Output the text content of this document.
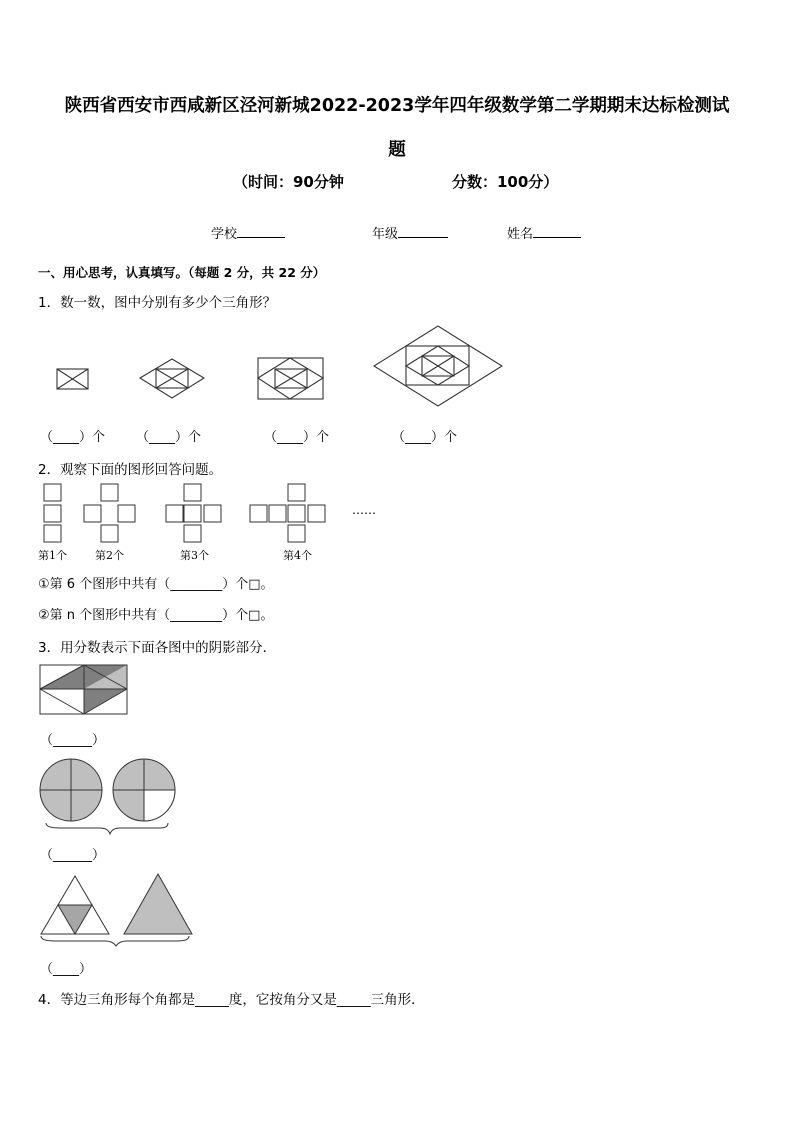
陕西省西安市西咸新区泾河新城2022-2023学年四年级数学第二学期期末达标检测试
题
（时间：90分钟	分数：100分）
学校	年级	姓名
一、用心思考，认真填写。（每题 2 分，共 22 分）
1．数一数，图中分别有多少个三角形？
（____）个 （____）个	（____）个	（____）个
2．观察下面的图形回答问题。
第1个	第2个	第3个	第4个
……
①第 6 个图形中共有（________）个□。
②第 n 个图形中共有（________）个□。
3．用分数表示下面各图中的阴影部分．
（______）
（______）
（____）
4．等边三角形每个角都是_____度，它按角分又是_____三角形．
